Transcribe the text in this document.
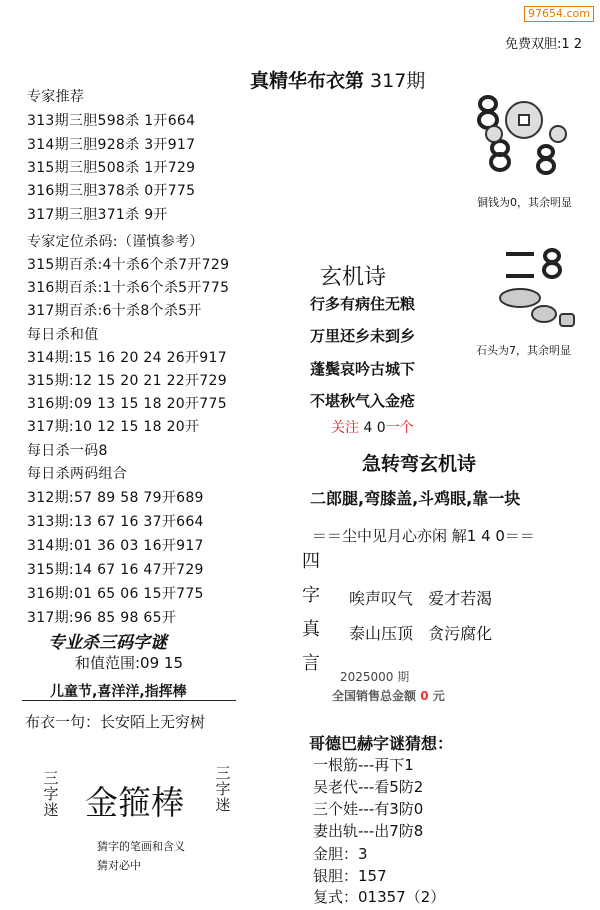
97654.com
免费双胆:1 2
真精华布衣第 317期
专家推荐
313期三胆598杀 1开664
314期三胆928杀 3开917
315期三胆508杀 1开729
316期三胆378杀 0开775
317期三胆371杀 9开
专家定位杀码:（谨慎参考）
315期百杀:4十杀6个杀7开729
316期百杀:1十杀6个杀5开775
317期百杀:6十杀8个杀5开
每日杀和值
314期:15 16 20 24 26开917
315期:12 15 20 21 22开729
316期:09 13 15 18 20开775
317期:10 12 15 18 20开
每日杀一码8
每日杀两码组合
312期:57 89 58 79开689
313期:13 67 16 37开664
314期:01 36 03 16开917
315期:14 67 16 47开729
316期:01 65 06 15开775
317期:96 85 98 65开
专业杀三码字谜
和值范围:09 15
儿童节,喜洋洋,指挥棒
布衣一句：长安陌上无穷树
三字迷 金箍棒
三字迷
猜字的笔画和含义
猜对必中
铜钱为0，其余明显
石头为7，其余明显
玄机诗
行多有病住无粮
万里还乡未到乡
蓬鬓哀吟古城下
不堪秋气入金疮
关注 4 0一个
急转弯玄机诗
二郎腿,弯膝盖,斗鸡眼,靠一块
＝＝尘中见月心亦闲 解1 4 0＝＝
四字真言
唉声叹气 爱才若渴
泰山压顶 贪污腐化
2025000 期
全国销售总金额 0 元
哥德巴赫字谜猜想：
一根筋---再下1
吴老代---看5防2
三个娃---有3防0
妻出轨---出7防8
金胆：3
银胆：157
复式：01357（2）
